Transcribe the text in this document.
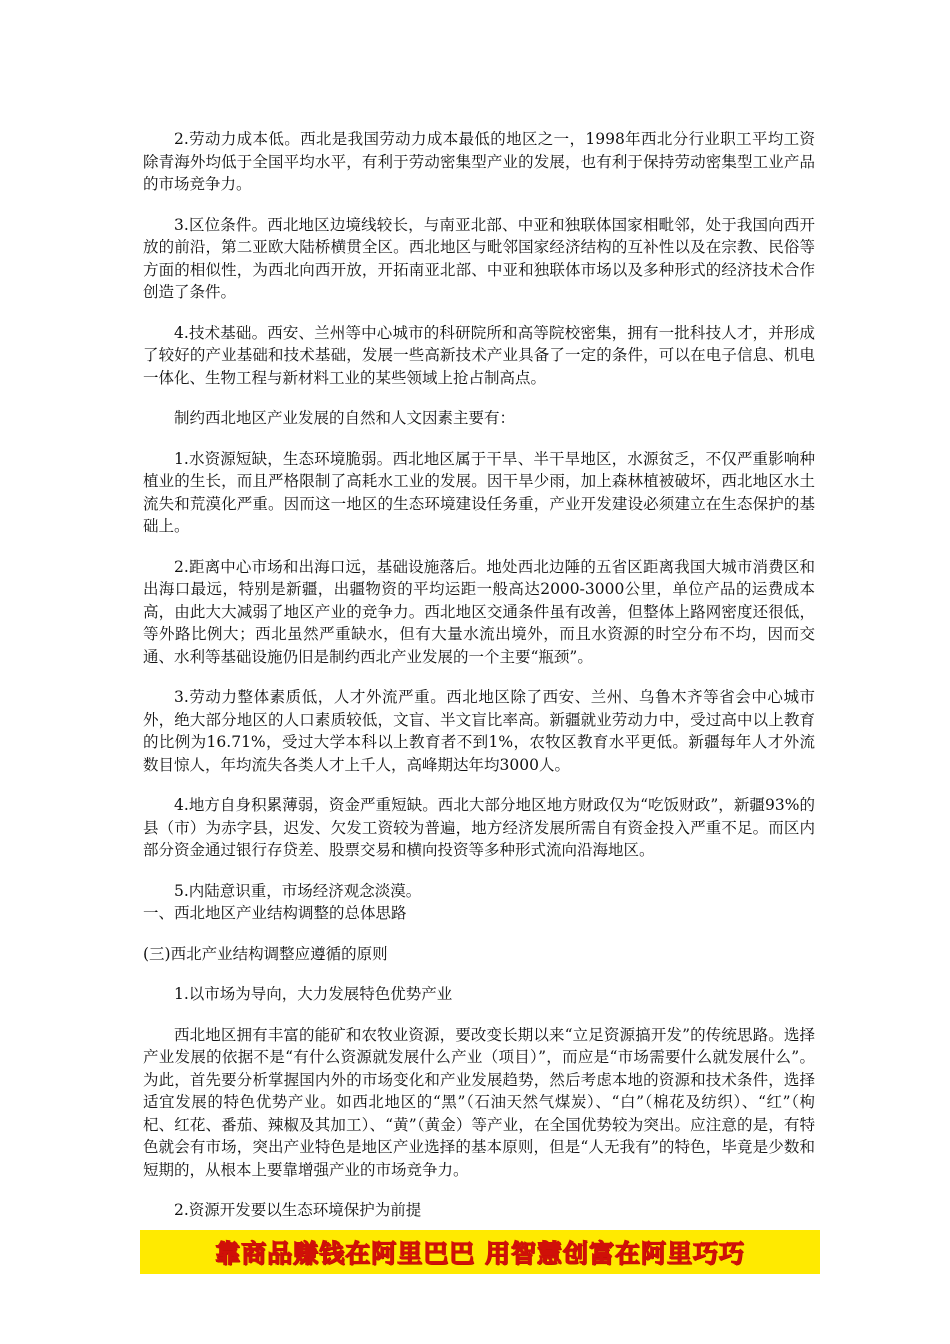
2.劳动力成本低。西北是我国劳动力成本最低的地区之一，1998年西北分行业职工平均工资除青海外均低于全国平均水平，有利于劳动密集型产业的发展，也有利于保持劳动密集型工业产品的市场竞争力。

3.区位条件。西北地区边境线较长，与南亚北部、中亚和独联体国家相毗邻，处于我国向西开放的前沿，第二亚欧大陆桥横贯全区。西北地区与毗邻国家经济结构的互补性以及在宗教、民俗等方面的相似性，为西北向西开放，开拓南亚北部、中亚和独联体市场以及多种形式的经济技术合作创造了条件。

4.技术基础。西安、兰州等中心城市的科研院所和高等院校密集，拥有一批科技人才，并形成了较好的产业基础和技术基础，发展一些高新技术产业具备了一定的条件，可以在电子信息、机电一体化、生物工程与新材料工业的某些领域上抢占制高点。

制约西北地区产业发展的自然和人文因素主要有：

1.水资源短缺，生态环境脆弱。西北地区属于干旱、半干旱地区，水源贫乏，不仅严重影响种植业的生长，而且严格限制了高耗水工业的发展。因干旱少雨，加上森林植被破坏，西北地区水土流失和荒漠化严重。因而这一地区的生态环境建设任务重，产业开发建设必须建立在生态保护的基础上。

2.距离中心市场和出海口远，基础设施落后。地处西北边陲的五省区距离我国大城市消费区和出海口最远，特别是新疆，出疆物资的平均运距一般高达2000-3000公里，单位产品的运费成本高，由此大大减弱了地区产业的竞争力。西北地区交通条件虽有改善，但整体上路网密度还很低，等外路比例大；西北虽然严重缺水，但有大量水流出境外，而且水资源的时空分布不均，因而交通、水利等基础设施仍旧是制约西北产业发展的一个主要“瓶颈”。

3.劳动力整体素质低，人才外流严重。西北地区除了西安、兰州、乌鲁木齐等省会中心城市外，绝大部分地区的人口素质较低，文盲、半文盲比率高。新疆就业劳动力中，受过高中以上教育的比例为16.71%，受过大学本科以上教育者不到1%，农牧区教育水平更低。新疆每年人才外流数目惊人，年均流失各类人才上千人，高峰期达年均3000人。

4.地方自身积累薄弱，资金严重短缺。西北大部分地区地方财政仅为“吃饭财政”，新疆93%的县（市）为赤字县，迟发、欠发工资较为普遍，地方经济发展所需自有资金投入严重不足。而区内部分资金通过银行存贷差、股票交易和横向投资等多种形式流向沿海地区。

5.内陆意识重，市场经济观念淡漠。

一、西北地区产业结构调整的总体思路

(三)西北产业结构调整应遵循的原则

1.以市场为导向，大力发展特色优势产业

西北地区拥有丰富的能矿和农牧业资源，要改变长期以来“立足资源搞开发”的传统思路。选择产业发展的依据不是“有什么资源就发展什么产业（项目）”，而应是“市场需要什么就发展什么”。为此，首先要分析掌握国内外的市场变化和产业发展趋势，然后考虑本地的资源和技术条件，选择适宜发展的特色优势产业。如西北地区的“黑”（石油天然气煤炭）、“白”（棉花及纺织）、“红”（枸杞、红花、番茄、辣椒及其加工）、“黄”（黄金）等产业，在全国优势较为突出。应注意的是，有特色就会有市场，突出产业特色是地区产业选择的基本原则，但是“人无我有”的特色，毕竟是少数和短期的，从根本上要靠增强产业的市场竞争力。

2.资源开发要以生态环境保护为前提

靠商品赚钱在阿里巴巴 用智慧创富在阿里巧巧
